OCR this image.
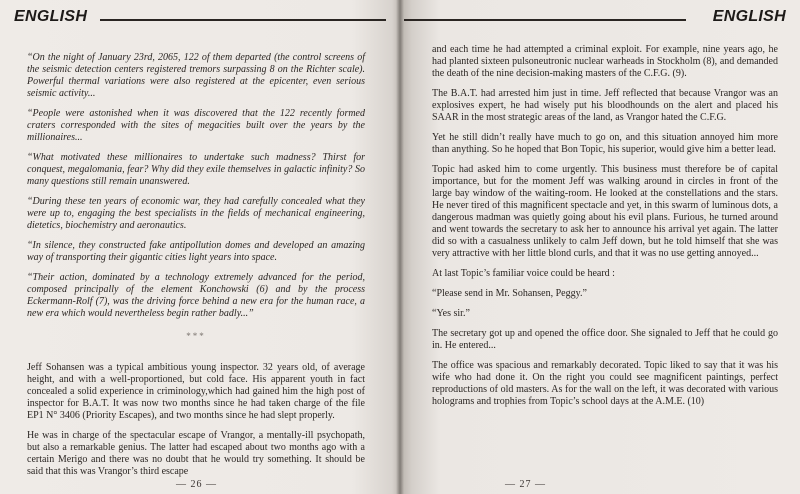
ENGLISH

“On the night of January 23rd, 2065, 122 of them departed (the control screens of the seismic detection centers registered tremors surpassing 8 on the Richter scale). Powerful thermal variations were also registered at the epicenter, even serious seismic activity...

“People were astonished when it was discovered that the 122 recently formed craters corresponded with the sites of megacities built over the years by the millionaires...

“What motivated these millionaires to undertake such madness? Thirst for conquest, megalomania, fear? Why did they exile themselves in galactic infinity? So many questions still remain unanswered.

“During these ten years of economic war, they had carefully concealed what they were up to, engaging the best specialists in the fields of mechanical engineering, dietetics, biochemistry and aeronautics.

“In silence, they constructed fake antipollution domes and developed an amazing way of transporting their gigantic cities light years into space.

“Their action, dominated by a technology extremely advanced for the period, composed principally of the element Konchowski (6) and by the process Eckermann-Rolf (7), was the driving force behind a new era for the human race, a new era which would nevertheless begin rather badly...”

***

Jeff Sohansen was a typical ambitious young inspector. 32 years old, of average height, and with a well-proportioned, but cold face. His apparent youth in fact concealed a solid experience in criminology,which had gained him the high post of inspector for B.A.T. It was now two months since he had taken charge of the file EP1 N° 3406 (Priority Escapes), and two months since he had slept properly.

He was in charge of the spectacular escape of Vrangor, a mentally-ill psychopath, but also a remarkable genius. The latter had escaped about two months ago with a certain Merigo and there was no doubt that he would try something. It should be said that this was Vrangor’s third escape

— 26 —
ENGLISH

and each time he had attempted a criminal exploit. For example, nine years ago, he had planted sixteen pulsoneutronic nuclear warheads in Stockholm (8), and demanded the death of the nine decision-making masters of the C.F.G. (9).

The B.A.T. had arrested him just in time. Jeff reflected that because Vrangor was an explosives expert, he had wisely put his bloodhounds on the alert and placed his SAAR in the most strategic areas of the land, as Vrangor hated the C.F.G.

Yet he still didn’t really have much to go on, and this situation annoyed him more than anything. So he hoped that Bon Topic, his superior, would give him a better lead.

Topic had asked him to come urgently. This business must therefore be of capital importance, but for the moment Jeff was walking around in circles in front of the large bay window of the waiting-room. He looked at the constellations and the stars. He never tired of this magnificent spectacle and yet, in this swarm of luminous dots, a dangerous madman was quietly going about his evil plans. Furious, he turned around and went towards the secretary to ask her to announce his arrival yet again. The latter did so with a casualness unlikely to calm Jeff down, but he told himself that she was very attractive with her little blond curls, and that it was no use getting annoyed...

At last Topic’s familiar voice could be heard :

“Please send in Mr. Sohansen, Peggy.”

“Yes sir.”

The secretary got up and opened the office door. She signaled to Jeff that he could go in. He entered...

The office was spacious and remarkably decorated. Topic liked to say that it was his wife who had done it. On the right you could see magnificent paintings, perfect reproductions of old masters. As for the wall on the left, it was decorated with various holograms and trophies from Topic’s school days at the A.M.E. (10)

— 27 —
